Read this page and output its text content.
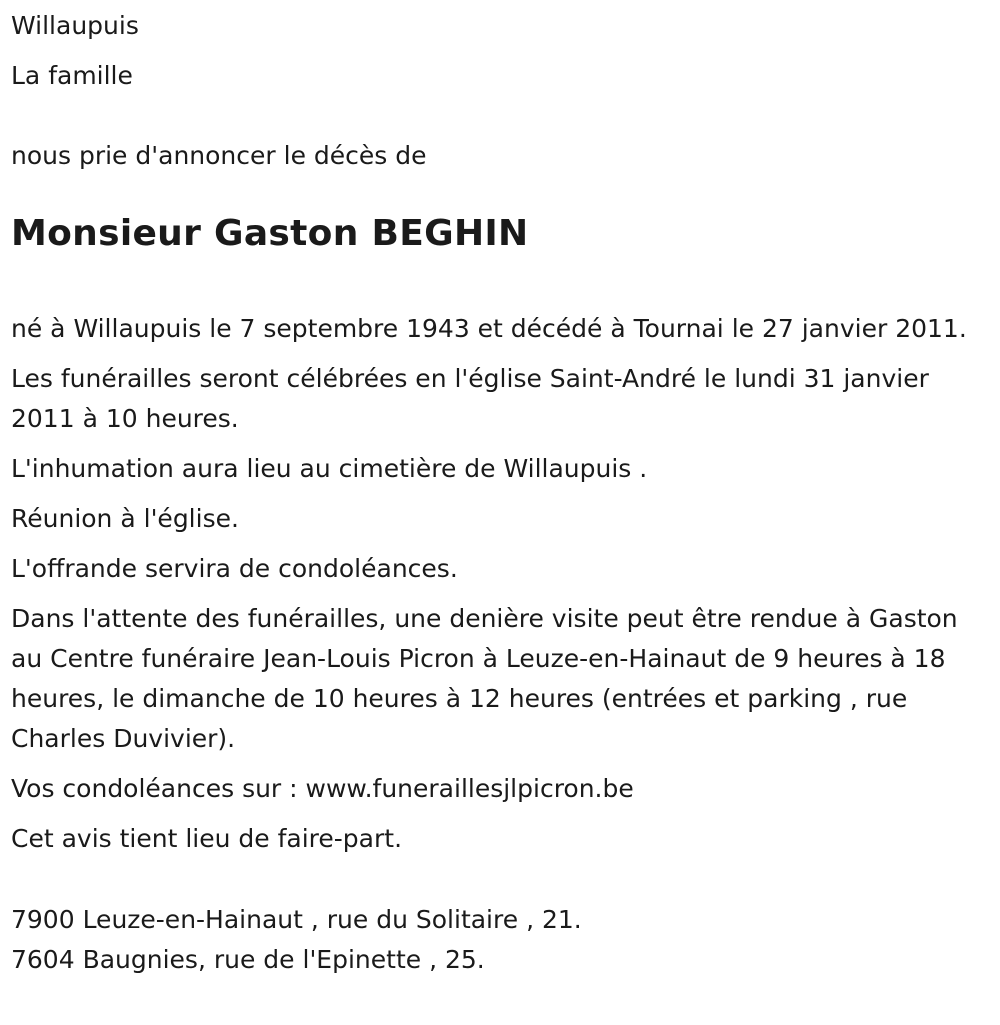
Willaupuis

La famille

nous prie d'annoncer le décès de

Monsieur Gaston BEGHIN

né à Willaupuis le 7 septembre 1943 et décédé à Tournai le 27 janvier 2011.

Les funérailles seront célébrées en l'église Saint-André le lundi 31 janvier 2011 à 10 heures.

L'inhumation aura lieu au cimetière de Willaupuis .

Réunion à l'église.

L'offrande servira de condoléances.

Dans l'attente des funérailles, une denière visite peut être rendue à Gaston au Centre funéraire Jean-Louis Picron à Leuze-en-Hainaut de 9 heures à 18 heures, le dimanche de 10 heures à 12 heures (entrées et parking , rue Charles Duvivier).

Vos condoléances sur : www.funeraillesjlpicron.be

Cet avis tient lieu de faire-part.

7900 Leuze-en-Hainaut , rue du Solitaire , 21.

7604 Baugnies, rue de l'Epinette , 25.
